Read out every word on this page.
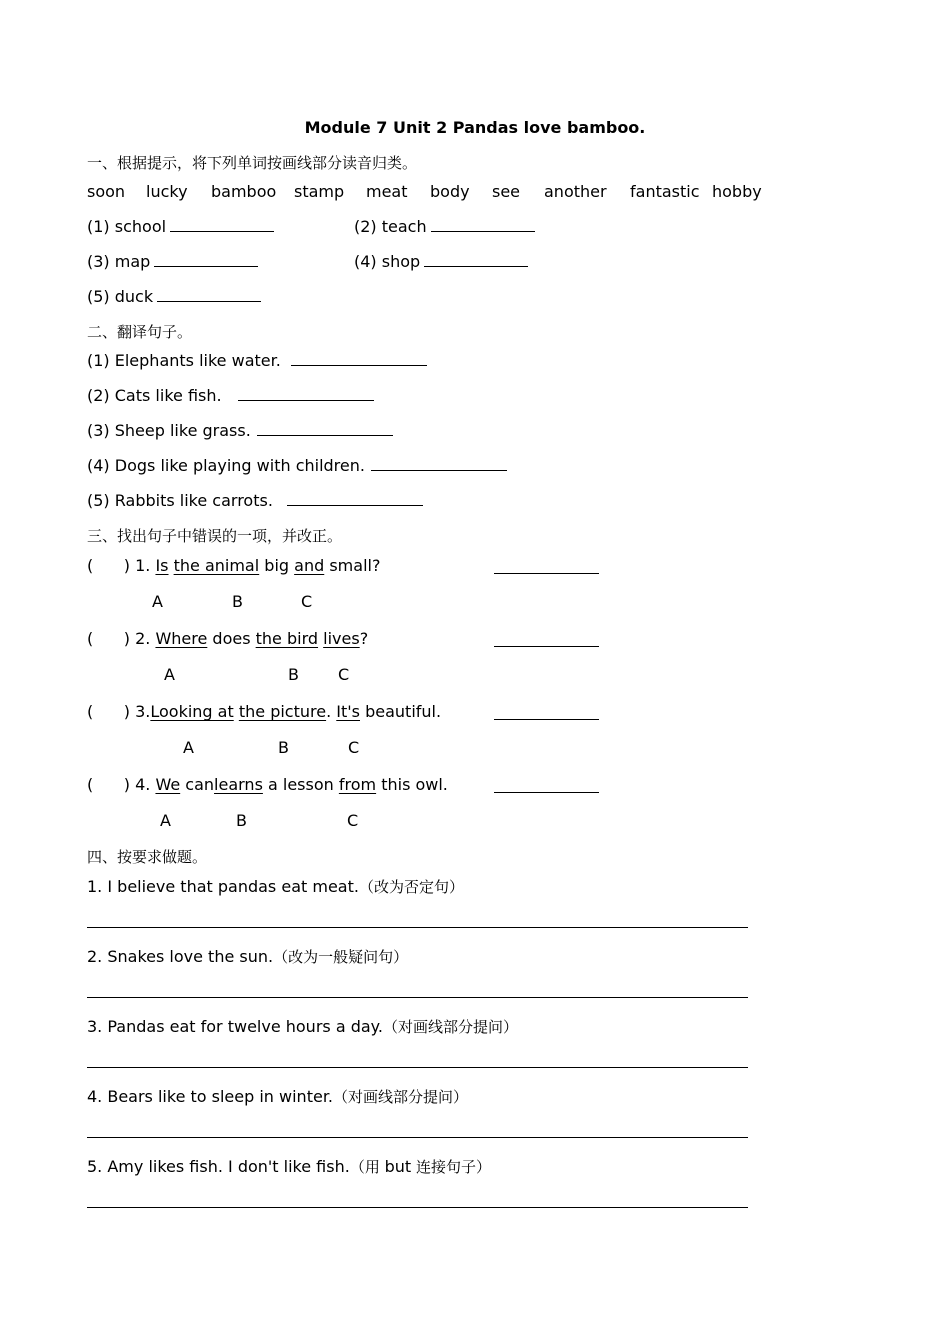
Module 7 Unit 2 Pandas love bamboo.
一、根据提示，将下列单词按画线部分读音归类。
soon lucky bamboo stamp meat body see another fantastic hobby
(1) school	(2) teach
(3) map	(4) shop
(5) duck
二、翻译句子。
(1) Elephants like water.
(2) Cats like fish.
(3) Sheep like grass.
(4) Dogs like playing with children.
(5) Rabbits like carrots.
三、找出句子中错误的一项，并改正。
(      ) 1. Is the animal big and small?
A	B	C
(      ) 2. Where does the bird lives?
A	B C
(      ) 3.Looking at the picture. It's beautiful.
A	B	C
(      ) 4. We canlearns a lesson from this owl.
A	B	C
四、按要求做题。
1. I believe that pandas eat meat.（改为否定句）
2. Snakes love the sun.（改为一般疑问句）
3. Pandas eat for twelve hours a day.（对画线部分提问）
4. Bears like to sleep in winter.（对画线部分提问）
5. Amy likes fish. I don't like fish.（用 but 连接句子）
